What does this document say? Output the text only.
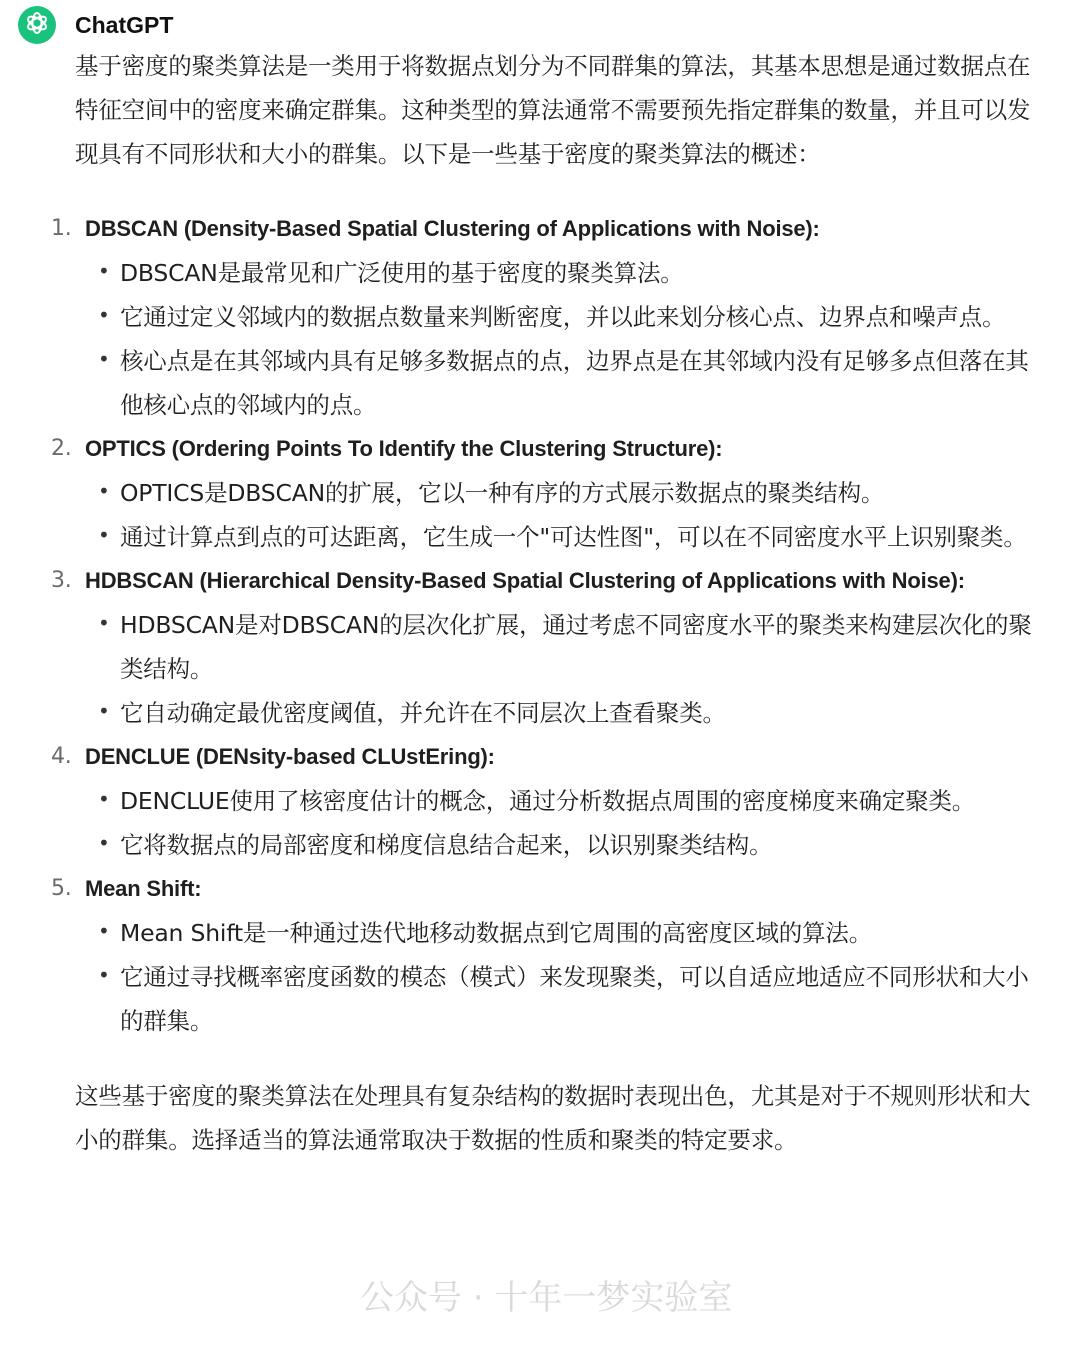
ChatGPT

基于密度的聚类算法是一类用于将数据点划分为不同群集的算法，其基本思想是通过数据点在特征空间中的密度来确定群集。这种类型的算法通常不需要预先指定群集的数量，并且可以发现具有不同形状和大小的群集。以下是一些基于密度的聚类算法的概述：

1. DBSCAN (Density-Based Spatial Clustering of Applications with Noise):
• DBSCAN是最常见和广泛使用的基于密度的聚类算法。
• 它通过定义邻域内的数据点数量来判断密度，并以此来划分核心点、边界点和噪声点。
• 核心点是在其邻域内具有足够多数据点的点，边界点是在其邻域内没有足够多点但落在其他核心点的邻域内的点。
2. OPTICS (Ordering Points To Identify the Clustering Structure):
• OPTICS是DBSCAN的扩展，它以一种有序的方式展示数据点的聚类结构。
• 通过计算点到点的可达距离，它生成一个"可达性图"，可以在不同密度水平上识别聚类。
3. HDBSCAN (Hierarchical Density-Based Spatial Clustering of Applications with Noise):
• HDBSCAN是对DBSCAN的层次化扩展，通过考虑不同密度水平的聚类来构建层次化的聚类结构。
• 它自动确定最优密度阈值，并允许在不同层次上查看聚类。
4. DENCLUE (DENsity-based CLUstEring):
• DENCLUE使用了核密度估计的概念，通过分析数据点周围的密度梯度来确定聚类。
• 它将数据点的局部密度和梯度信息结合起来，以识别聚类结构。
5. Mean Shift:
• Mean Shift是一种通过迭代地移动数据点到它周围的高密度区域的算法。
• 它通过寻找概率密度函数的模态（模式）来发现聚类，可以自适应地适应不同形状和大小的群集。

这些基于密度的聚类算法在处理具有复杂结构的数据时表现出色，尤其是对于不规则形状和大小的群集。选择适当的算法通常取决于数据的性质和聚类的特定要求。

公众号 · 十年一梦实验室
